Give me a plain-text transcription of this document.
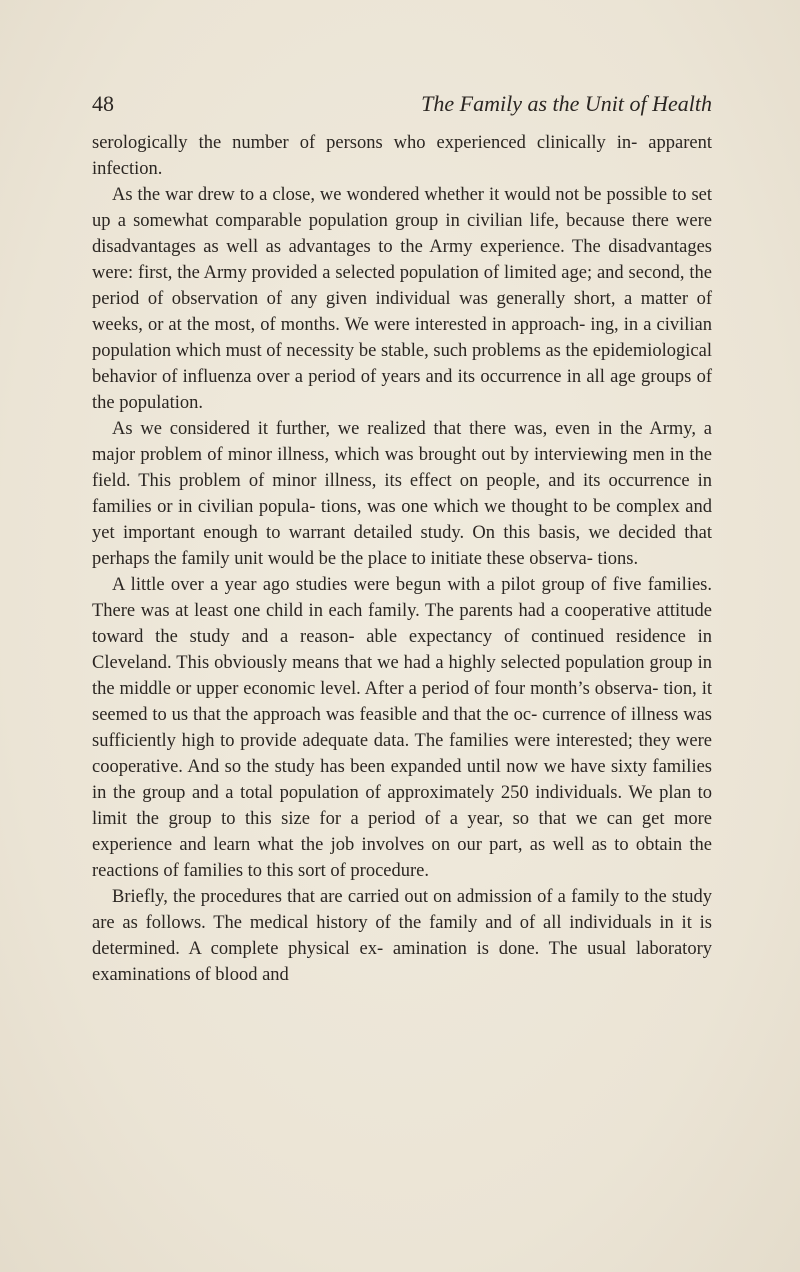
48	The Family as the Unit of Health

serologically the number of persons who experienced clinically in- apparent infection.

As the war drew to a close, we wondered whether it would not be possible to set up a somewhat comparable population group in civilian life, because there were disadvantages as well as advantages to the Army experience. The disadvantages were: first, the Army provided a selected population of limited age; and second, the period of observation of any given individual was generally short, a matter of weeks, or at the most, of months. We were interested in approach- ing, in a civilian population which must of necessity be stable, such problems as the epidemiological behavior of influenza over a period of years and its occurrence in all age groups of the population.

As we considered it further, we realized that there was, even in the Army, a major problem of minor illness, which was brought out by interviewing men in the field. This problem of minor illness, its effect on people, and its occurrence in families or in civilian popula- tions, was one which we thought to be complex and yet important enough to warrant detailed study. On this basis, we decided that perhaps the family unit would be the place to initiate these observa- tions.

A little over a year ago studies were begun with a pilot group of five families. There was at least one child in each family. The parents had a cooperative attitude toward the study and a reason- able expectancy of continued residence in Cleveland. This obviously means that we had a highly selected population group in the middle or upper economic level. After a period of four month’s observa- tion, it seemed to us that the approach was feasible and that the oc- currence of illness was sufficiently high to provide adequate data. The families were interested; they were cooperative. And so the study has been expanded until now we have sixty families in the group and a total population of approximately 250 individuals. We plan to limit the group to this size for a period of a year, so that we can get more experience and learn what the job involves on our part, as well as to obtain the reactions of families to this sort of procedure.

Briefly, the procedures that are carried out on admission of a family to the study are as follows. The medical history of the family and of all individuals in it is determined. A complete physical ex- amination is done. The usual laboratory examinations of blood and
